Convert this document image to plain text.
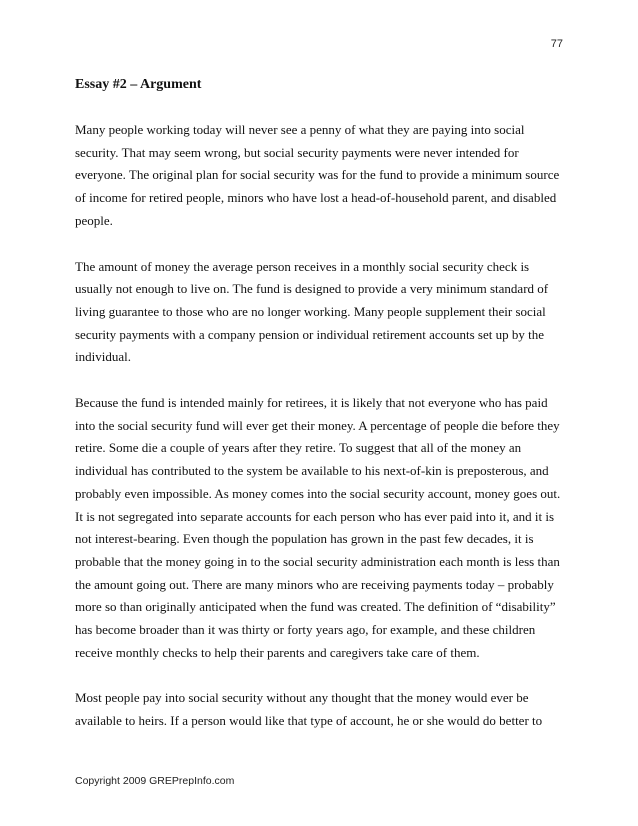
77
Essay #2 – Argument

Many people working today will never see a penny of what they are paying into social security. That may seem wrong, but social security payments were never intended for everyone. The original plan for social security was for the fund to provide a minimum source of income for retired people, minors who have lost a head-of-household parent, and disabled people.

The amount of money the average person receives in a monthly social security check is usually not enough to live on. The fund is designed to provide a very minimum standard of living guarantee to those who are no longer working. Many people supplement their social security payments with a company pension or individual retirement accounts set up by the individual.

Because the fund is intended mainly for retirees, it is likely that not everyone who has paid into the social security fund will ever get their money. A percentage of people die before they retire. Some die a couple of years after they retire. To suggest that all of the money an individual has contributed to the system be available to his next-of-kin is preposterous, and probably even impossible. As money comes into the social security account, money goes out. It is not segregated into separate accounts for each person who has ever paid into it, and it is not interest-bearing. Even though the population has grown in the past few decades, it is probable that the money going in to the social security administration each month is less than the amount going out. There are many minors who are receiving payments today – probably more so than originally anticipated when the fund was created. The definition of “disability” has become broader than it was thirty or forty years ago, for example, and these children receive monthly checks to help their parents and caregivers take care of them.

Most people pay into social security without any thought that the money would ever be available to heirs. If a person would like that type of account, he or she would do better to

Copyright 2009 GREPrepInfo.com
